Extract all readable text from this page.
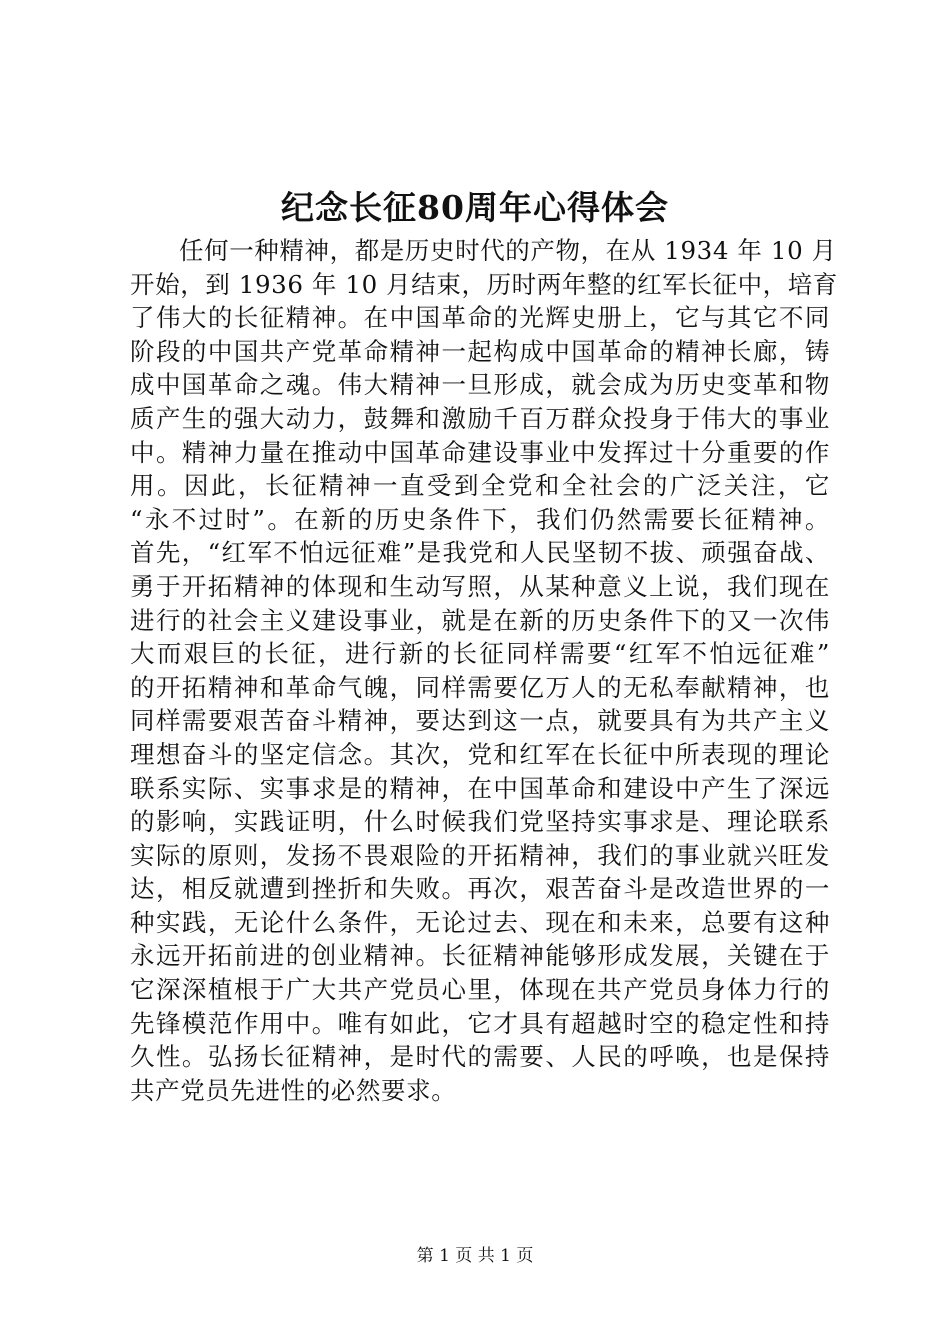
纪念长征80周年心得体会
任何一种精神，都是历史时代的产物，在从 1934 年 10 月
开始，到 1936 年 10 月结束，历时两年整的红军长征中，培育
了伟大的长征精神。在中国革命的光辉史册上，它与其它不同
阶段的中国共产党革命精神一起构成中国革命的精神长廊，铸
成中国革命之魂。伟大精神一旦形成，就会成为历史变革和物
质产生的强大动力，鼓舞和激励千百万群众投身于伟大的事业
中。精神力量在推动中国革命建设事业中发挥过十分重要的作
用。因此，长征精神一直受到全党和全社会的广泛关注，它
“永不过时”。在新的历史条件下，我们仍然需要长征精神。
首先，“红军不怕远征难”是我党和人民坚韧不拔、顽强奋战、
勇于开拓精神的体现和生动写照，从某种意义上说，我们现在
进行的社会主义建设事业，就是在新的历史条件下的又一次伟
大而艰巨的长征，进行新的长征同样需要“红军不怕远征难”
的开拓精神和革命气魄，同样需要亿万人的无私奉献精神，也
同样需要艰苦奋斗精神，要达到这一点，就要具有为共产主义
理想奋斗的坚定信念。其次，党和红军在长征中所表现的理论
联系实际、实事求是的精神，在中国革命和建设中产生了深远
的影响，实践证明，什么时候我们党坚持实事求是、理论联系
实际的原则，发扬不畏艰险的开拓精神，我们的事业就兴旺发
达，相反就遭到挫折和失败。再次，艰苦奋斗是改造世界的一
种实践，无论什么条件，无论过去、现在和未来，总要有这种
永远开拓前进的创业精神。长征精神能够形成发展，关键在于
它深深植根于广大共产党员心里，体现在共产党员身体力行的
先锋模范作用中。唯有如此，它才具有超越时空的稳定性和持
久性。弘扬长征精神，是时代的需要、人民的呼唤，也是保持
共产党员先进性的必然要求。
第 1 页 共 1 页
